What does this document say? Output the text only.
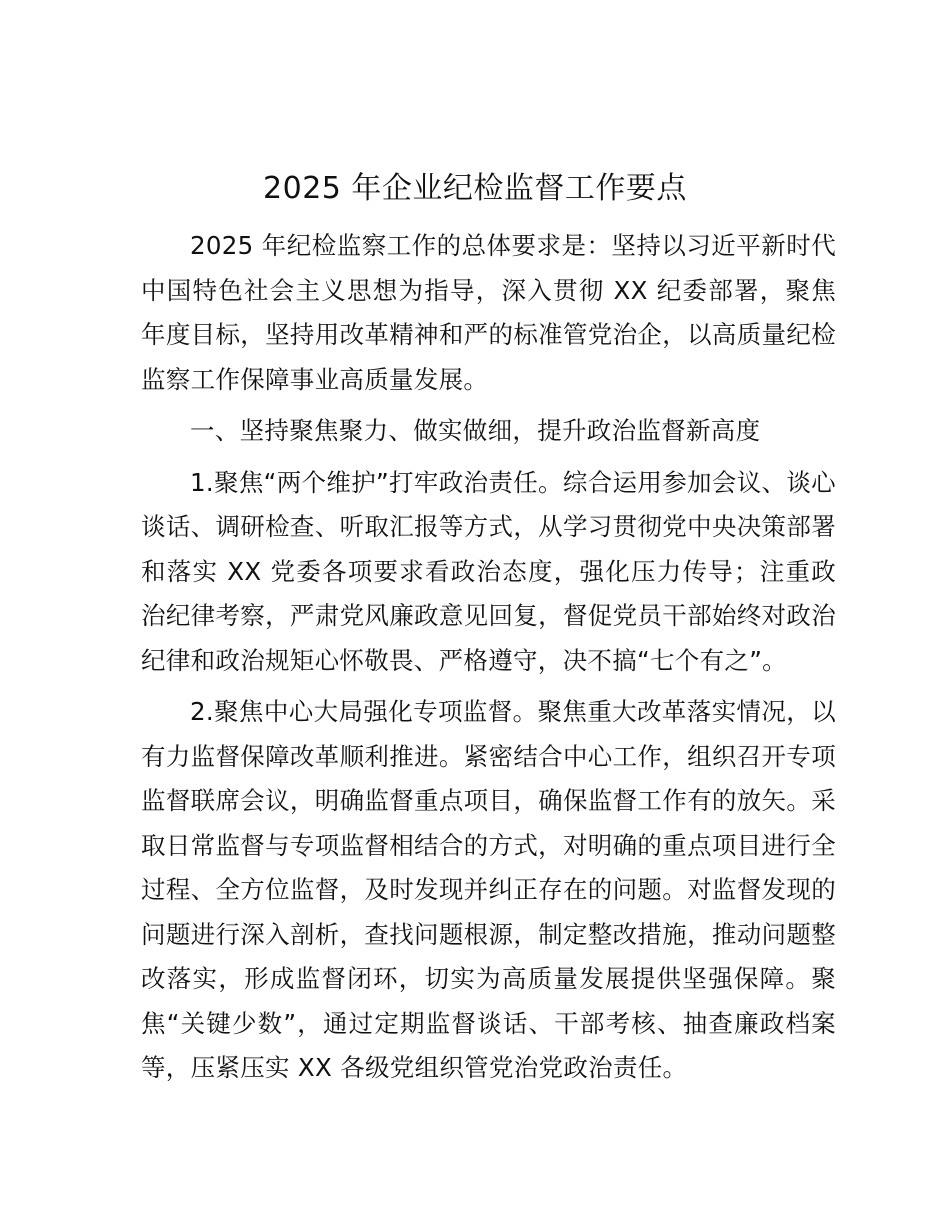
2025 年企业纪检监督工作要点

2025 年纪检监察工作的总体要求是：坚持以习近平新时代中国特色社会主义思想为指导，深入贯彻 XX 纪委部署，聚焦年度目标，坚持用改革精神和严的标准管党治企，以高质量纪检监察工作保障事业高质量发展。

一、坚持聚焦聚力、做实做细，提升政治监督新高度

1.聚焦“两个维护”打牢政治责任。综合运用参加会议、谈心谈话、调研检查、听取汇报等方式，从学习贯彻党中央决策部署和落实 XX 党委各项要求看政治态度，强化压力传导；注重政治纪律考察，严肃党风廉政意见回复，督促党员干部始终对政治纪律和政治规矩心怀敬畏、严格遵守，决不搞“七个有之”。

2.聚焦中心大局强化专项监督。聚焦重大改革落实情况，以有力监督保障改革顺利推进。紧密结合中心工作，组织召开专项监督联席会议，明确监督重点项目，确保监督工作有的放矢。采取日常监督与专项监督相结合的方式，对明确的重点项目进行全过程、全方位监督，及时发现并纠正存在的问题。对监督发现的问题进行深入剖析，查找问题根源，制定整改措施，推动问题整改落实，形成监督闭环，切实为高质量发展提供坚强保障。聚焦“关键少数”，通过定期监督谈话、干部考核、抽查廉政档案等，压紧压实 XX 各级党组织管党治党政治责任。
